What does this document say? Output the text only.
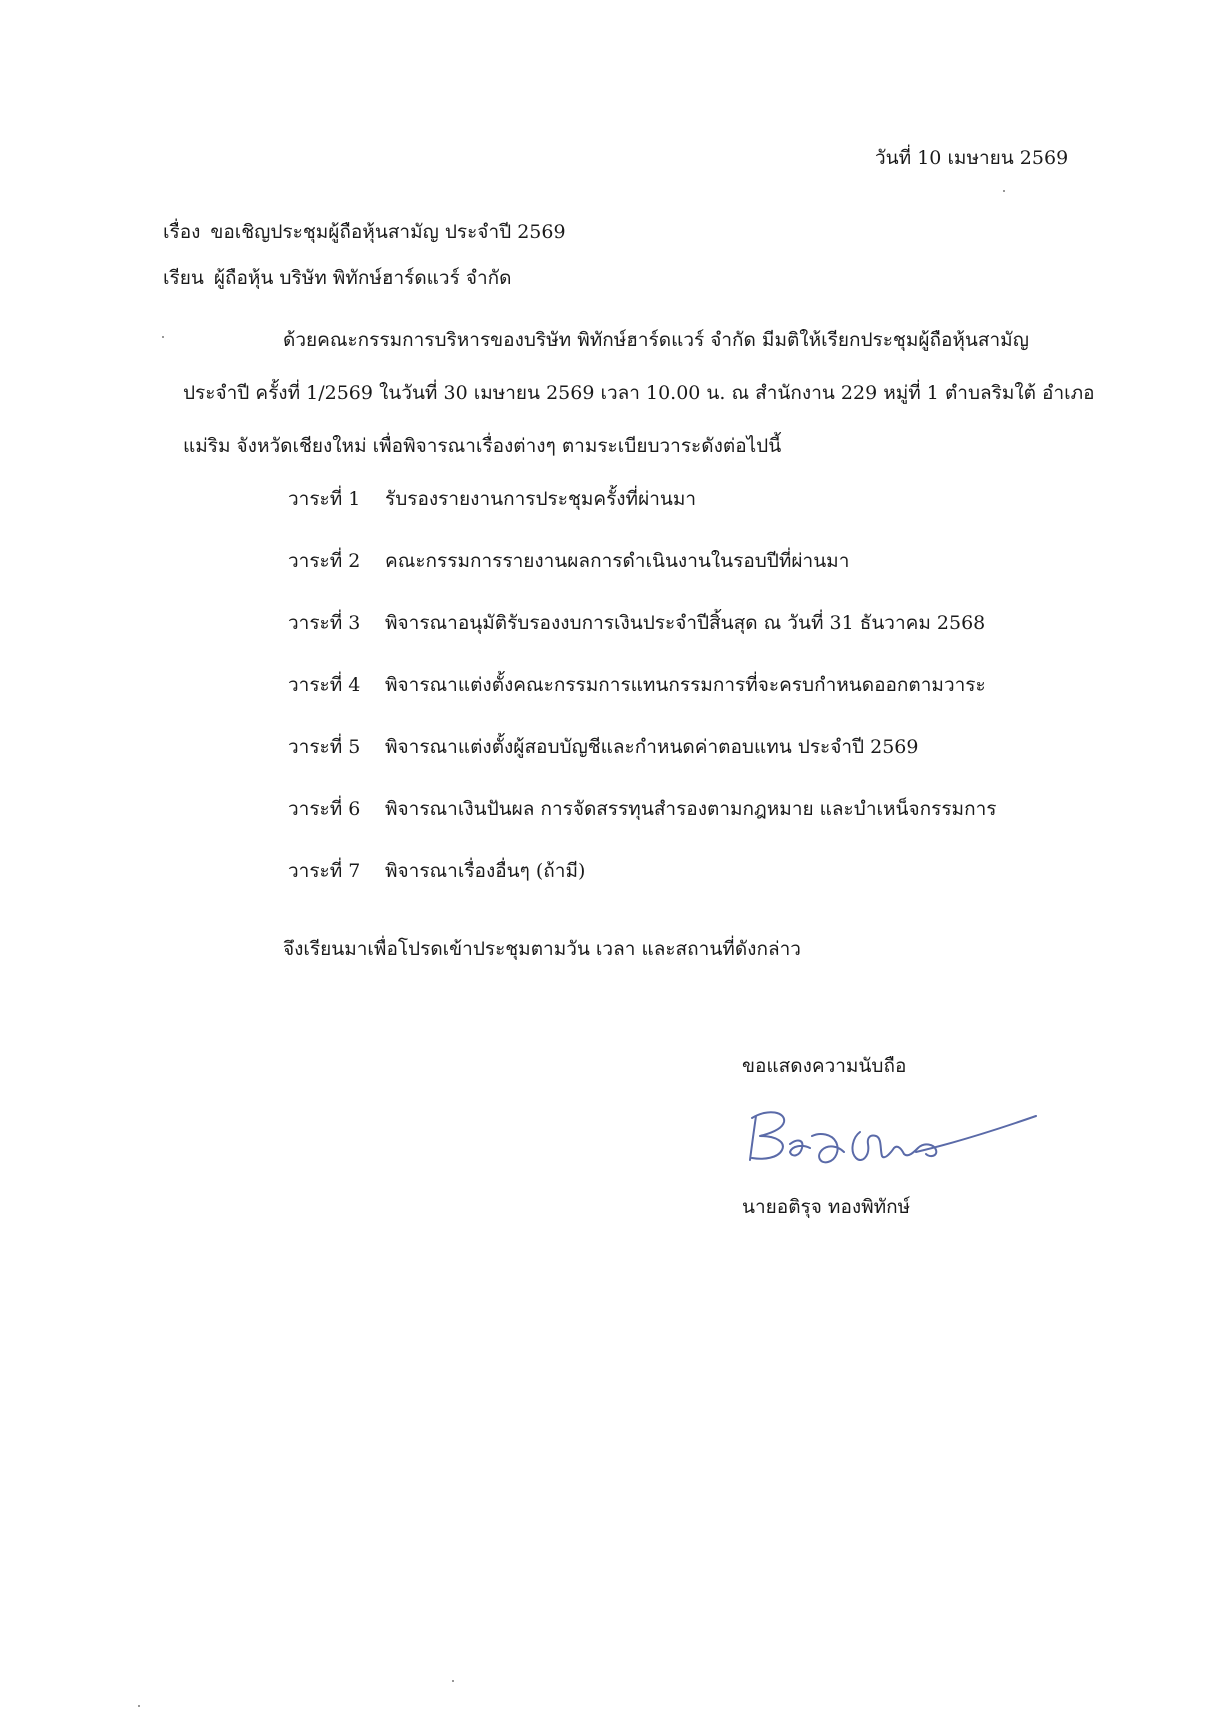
วันที่ 10 เมษายน 2569
เรื่อง ขอเชิญประชุมผู้ถือหุ้นสามัญ ประจำปี 2569
เรียน ผู้ถือหุ้น บริษัท พิทักษ์ฮาร์ดแวร์ จำกัด
ด้วยคณะกรรมการบริหารของบริษัท พิทักษ์ฮาร์ดแวร์ จำกัด มีมติให้เรียกประชุมผู้ถือหุ้นสามัญ
ประจำปี ครั้งที่ 1/2569 ในวันที่ 30 เมษายน 2569 เวลา 10.00 น. ณ สำนักงาน 229 หมู่ที่ 1 ตำบลริมใต้ อำเภอ
แม่ริม จังหวัดเชียงใหม่ เพื่อพิจารณาเรื่องต่างๆ ตามระเบียบวาระดังต่อไปนี้
วาระที่ 1	รับรองรายงานการประชุมครั้งที่ผ่านมา
วาระที่ 2	คณะกรรมการรายงานผลการดำเนินงานในรอบปีที่ผ่านมา
วาระที่ 3	พิจารณาอนุมัติรับรองงบการเงินประจำปีสิ้นสุด ณ วันที่ 31 ธันวาคม 2568
วาระที่ 4	พิจารณาแต่งตั้งคณะกรรมการแทนกรรมการที่จะครบกำหนดออกตามวาระ
วาระที่ 5	พิจารณาแต่งตั้งผู้สอบบัญชีและกำหนดค่าตอบแทน ประจำปี 2569
วาระที่ 6	พิจารณาเงินปันผล การจัดสรรทุนสำรองตามกฎหมาย และบำเหน็จกรรมการ
วาระที่ 7	พิจารณาเรื่องอื่นๆ (ถ้ามี)
จึงเรียนมาเพื่อโปรดเข้าประชุมตามวัน เวลา และสถานที่ดังกล่าว
ขอแสดงความนับถือ
นายอติรุจ ทองพิทักษ์
